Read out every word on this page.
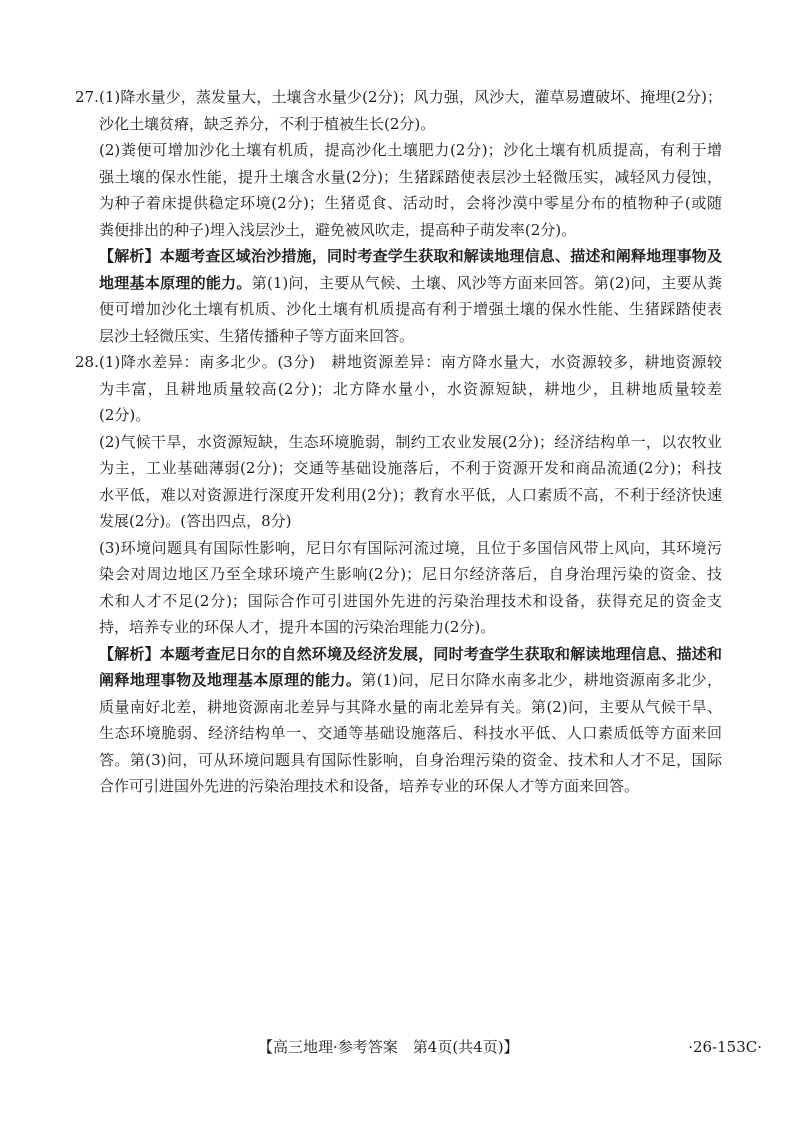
27. (1)降水量少，蒸发量大，土壤含水量少(2分)；风力强，风沙大，灌草易遭破坏、掩埋(2分)；
沙化土壤贫瘠，缺乏养分，不利于植被生长(2分)。
(2)粪便可增加沙化土壤有机质，提高沙化土壤肥力(2分)；沙化土壤有机质提高，有利于增
强土壤的保水性能，提升土壤含水量(2分)；生猪踩踏使表层沙土轻微压实，减轻风力侵蚀，
为种子着床提供稳定环境(2分)；生猪觅食、活动时，会将沙漠中零星分布的植物种子(或随
粪便排出的种子)埋入浅层沙土，避免被风吹走，提高种子萌发率(2分)。
【解析】本题考查区域治沙措施，同时考查学生获取和解读地理信息、描述和阐释地理事物及
地理基本原理的能力。第(1)问，主要从气候、土壤、风沙等方面来回答。第(2)问，主要从粪
便可增加沙化土壤有机质、沙化土壤有机质提高有利于增强土壤的保水性能、生猪踩踏使表
层沙土轻微压实、生猪传播种子等方面来回答。
28. (1)降水差异：南多北少。(3分)　耕地资源差异：南方降水量大，水资源较多，耕地资源较
为丰富，且耕地质量较高(2分)；北方降水量小，水资源短缺，耕地少，且耕地质量较差
(2分)。
(2)气候干旱，水资源短缺，生态环境脆弱，制约工农业发展(2分)；经济结构单一，以农牧业
为主，工业基础薄弱(2分)；交通等基础设施落后，不利于资源开发和商品流通(2分)；科技
水平低，难以对资源进行深度开发利用(2分)；教育水平低，人口素质不高，不利于经济快速
发展(2分)。(答出四点，8分)
(3)环境问题具有国际性影响，尼日尔有国际河流过境，且位于多国信风带上风向，其环境污
染会对周边地区乃至全球环境产生影响(2分)；尼日尔经济落后，自身治理污染的资金、技
术和人才不足(2分)；国际合作可引进国外先进的污染治理技术和设备，获得充足的资金支
持，培养专业的环保人才，提升本国的污染治理能力(2分)。
【解析】本题考查尼日尔的自然环境及经济发展，同时考查学生获取和解读地理信息、描述和
阐释地理事物及地理基本原理的能力。第(1)问，尼日尔降水南多北少，耕地资源南多北少，
质量南好北差，耕地资源南北差异与其降水量的南北差异有关。第(2)问，主要从气候干旱、
生态环境脆弱、经济结构单一、交通等基础设施落后、科技水平低、人口素质低等方面来回
答。第(3)问，可从环境问题具有国际性影响，自身治理污染的资金、技术和人才不足，国际
合作可引进国外先进的污染治理技术和设备，培养专业的环保人才等方面来回答。
【高三地理·参考答案　第4页(共4页)】	·26-153C·
